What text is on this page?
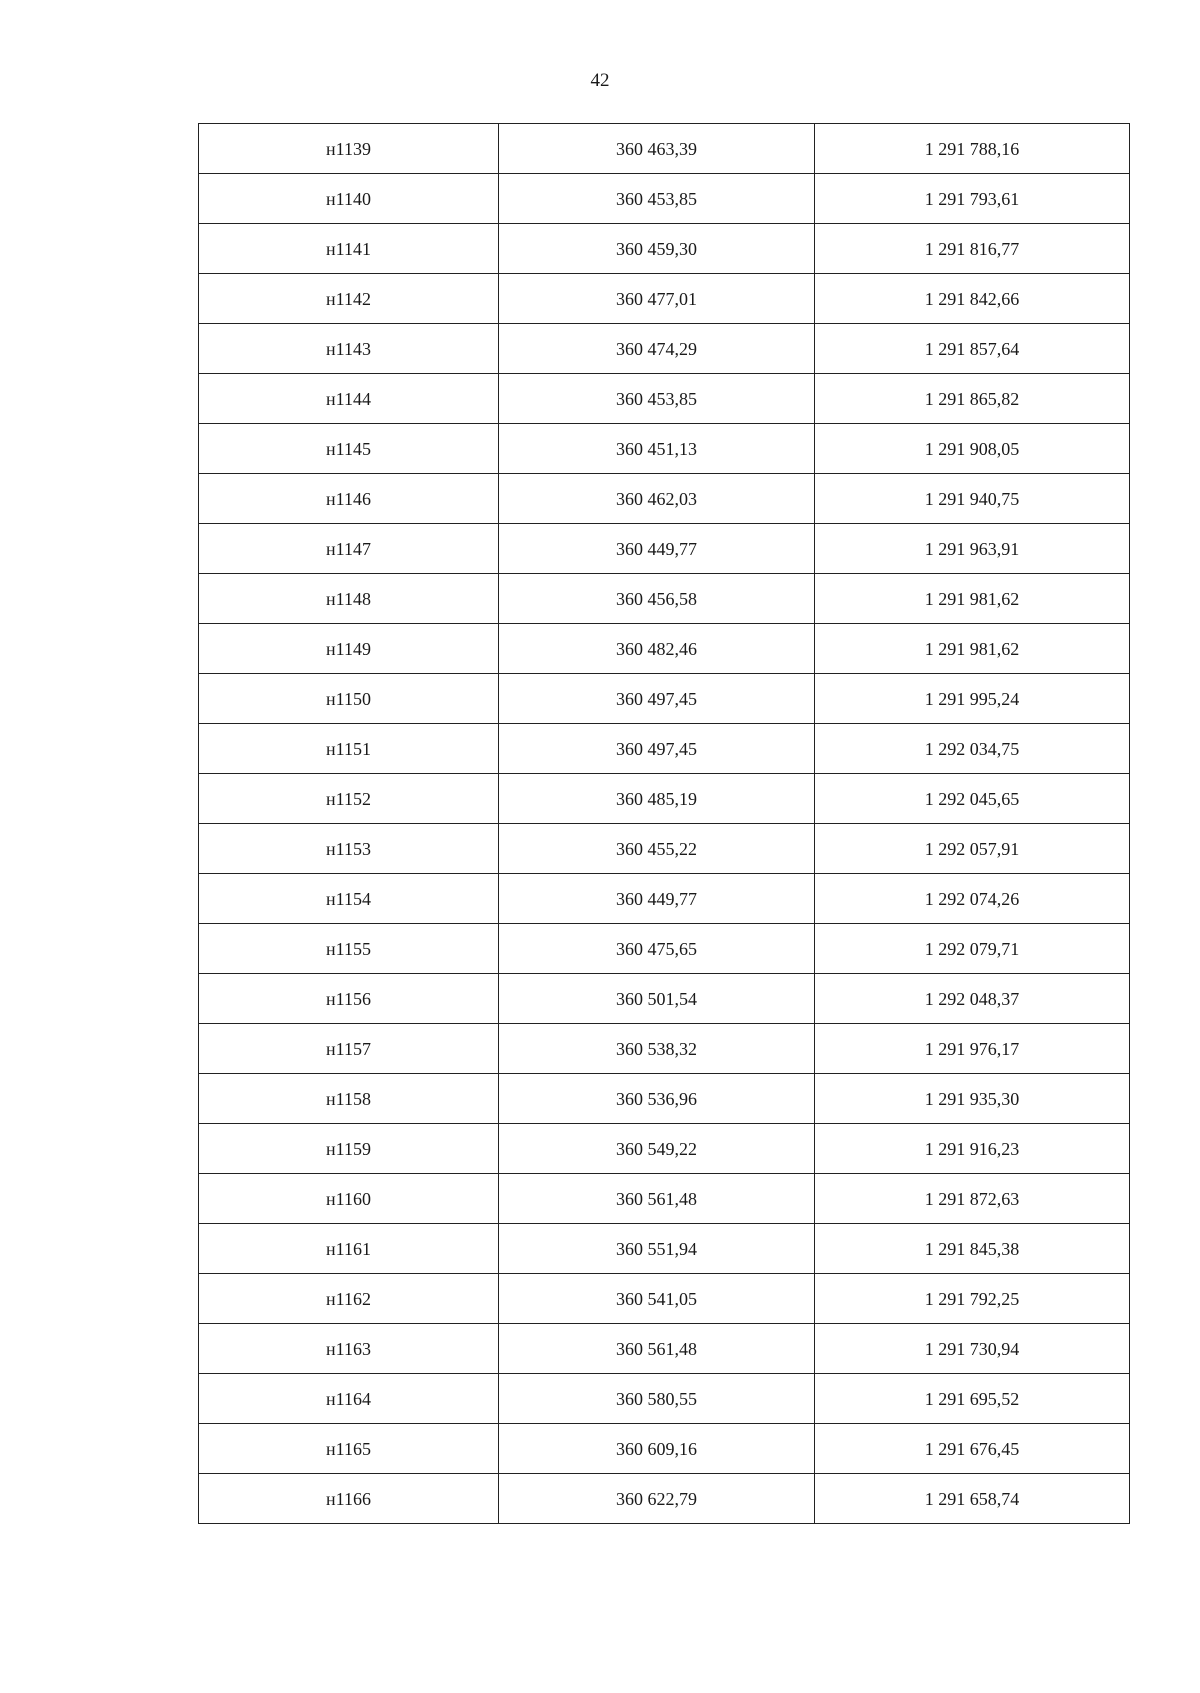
42
н1139	360 463,39	1 291 788,16
н1140	360 453,85	1 291 793,61
н1141	360 459,30	1 291 816,77
н1142	360 477,01	1 291 842,66
н1143	360 474,29	1 291 857,64
н1144	360 453,85	1 291 865,82
н1145	360 451,13	1 291 908,05
н1146	360 462,03	1 291 940,75
н1147	360 449,77	1 291 963,91
н1148	360 456,58	1 291 981,62
н1149	360 482,46	1 291 981,62
н1150	360 497,45	1 291 995,24
н1151	360 497,45	1 292 034,75
н1152	360 485,19	1 292 045,65
н1153	360 455,22	1 292 057,91
н1154	360 449,77	1 292 074,26
н1155	360 475,65	1 292 079,71
н1156	360 501,54	1 292 048,37
н1157	360 538,32	1 291 976,17
н1158	360 536,96	1 291 935,30
н1159	360 549,22	1 291 916,23
н1160	360 561,48	1 291 872,63
н1161	360 551,94	1 291 845,38
н1162	360 541,05	1 291 792,25
н1163	360 561,48	1 291 730,94
н1164	360 580,55	1 291 695,52
н1165	360 609,16	1 291 676,45
н1166	360 622,79	1 291 658,74
